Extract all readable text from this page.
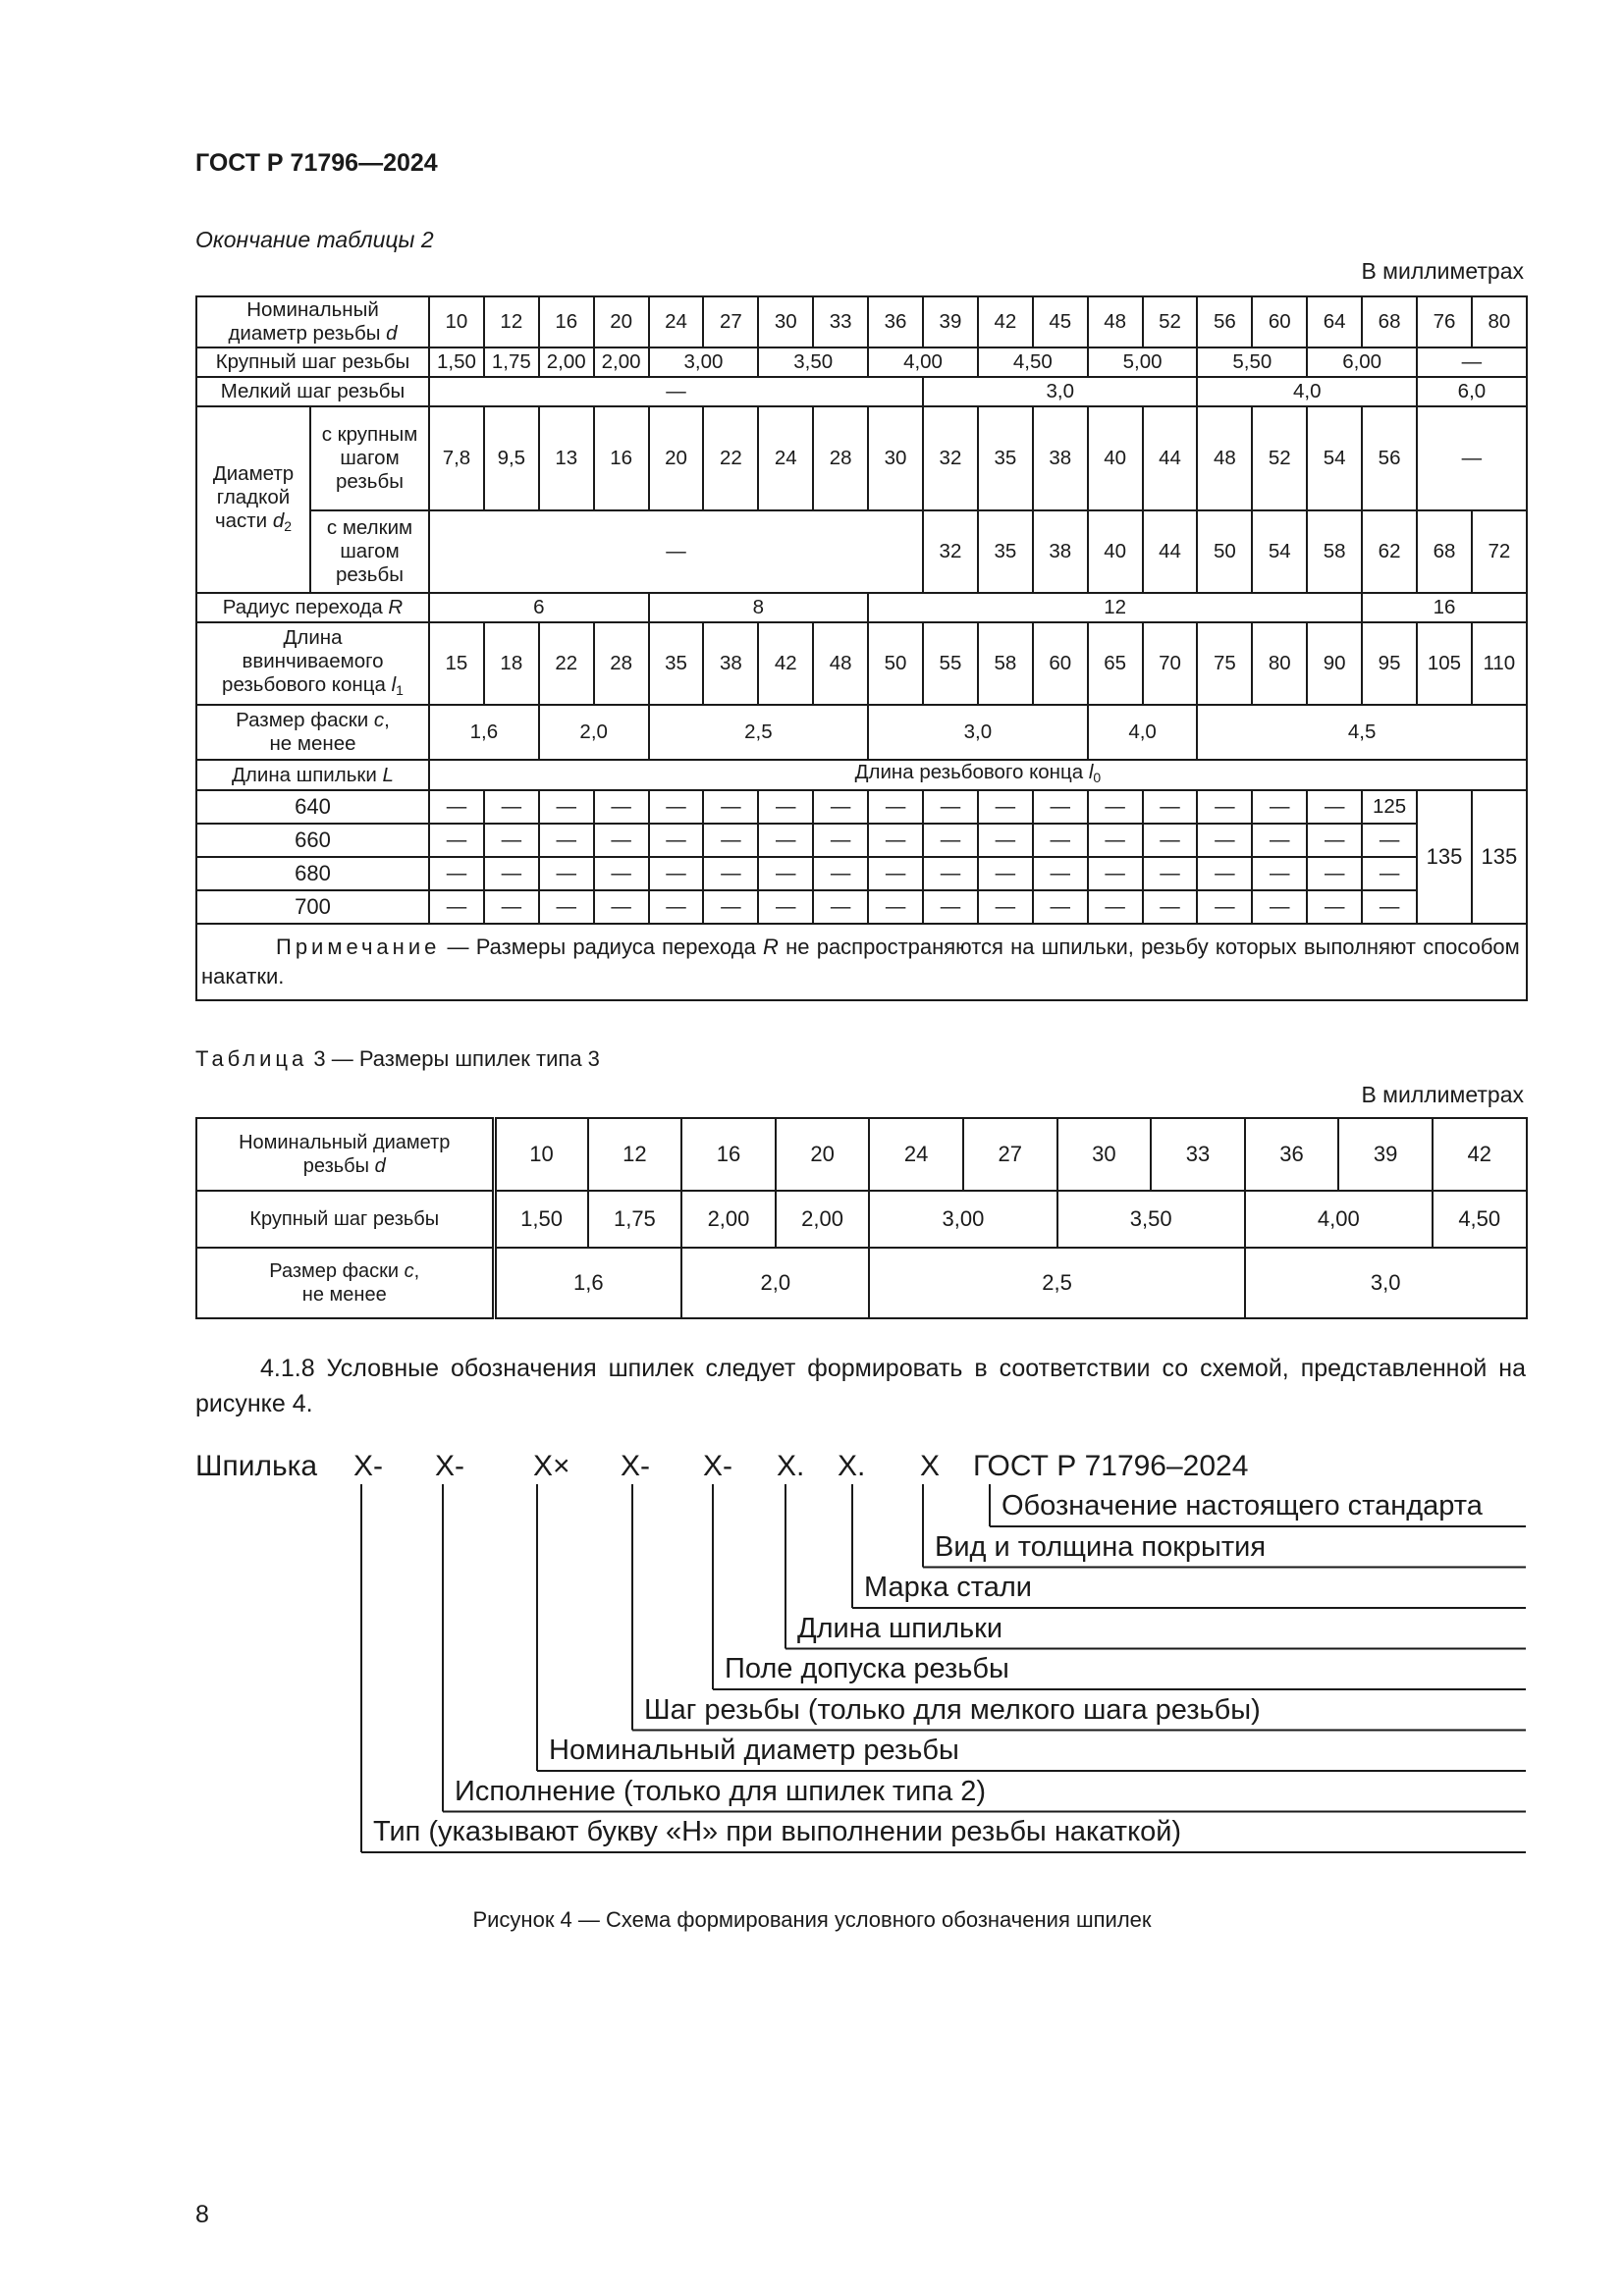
ГОСТ Р 71796—2024
Окончание таблицы 2
В миллиметрах
Номинальный
диаметр резьбы d		10	12	16	20	24	27	30	33	36	39	42	45	48	52	56	60	64	68	76	80
Крупный шаг резьбы		1,50	1,75	2,00	2,00	3,00		3,50		4,00		4,50		5,00		5,50		6,00		—	
Мелкий шаг резьбы		—									3,0					4,0				6,0	
Диаметр
гладкой
части $d_2$	с крупным шагом резьбы	7,8	9,5	13	16	20	22	24	28	30	32	35	38	40	44	48	52	54	56	—	
	с мелким шагом резьбы	—									32	35	38	40	44	50	54	58	62	68	72
Радиус перехода R		6				8				12									16		
Длина
ввинчиваемого
резьбового конца $l_1$		15	18	22	28	35	38	42	48	50	55	58	60	65	70	75	80	90	95	105	110
Размер фаски c,
не менее		1,6		2,0		2,5				3,0				4,0		4,5					
Длина шпильки L		Длина резьбового конца $l_0$
640		—	—	—	—	—	—	—	—	—	—	—	—	—	—	—	—	—	125	135	135
660		—	—	—	—	—	—	—	—	—	—	—	—	—	—	—	—	—	—		
680		—	—	—	—	—	—	—	—	—	—	—	—	—	—	—	—	—	—		
700		—	—	—	—	—	—	—	—	—	—	—	—	—	—	—	—	—	—		
Примечание — Размеры радиуса перехода R не распространяются на шпильки, резьбу которых выполняют способом накатки.																					
Таблица 3 — Размеры шпилек типа 3
В миллиметрах
Номинальный диаметр резьбы d	10	12	16	20	24	27	30	33	36	39	42
Крупный шаг резьбы	1,50	1,75	2,00	2,00	3,00		3,50		4,00		4,50
Размер фаски c,
не менее	1,6		2,0		2,5				3,0		
4.1.8 Условные обозначения шпилек следует формировать в соответствии со схемой, представленной на рисунке 4.
Шпилька X- X- X× X- X- X. X. X ГОСТ Р 71796–2024
Обозначение настоящего стандарта
Вид и толщина покрытия
Марка стали
Длина шпильки
Поле допуска резьбы
Шаг резьбы (только для мелкого шага резьбы)
Номинальный диаметр резьбы
Исполнение (только для шпилек типа 2)
Тип (указывают букву «Н» при выполнении резьбы накаткой)
Рисунок 4 — Схема формирования условного обозначения шпилек
8
